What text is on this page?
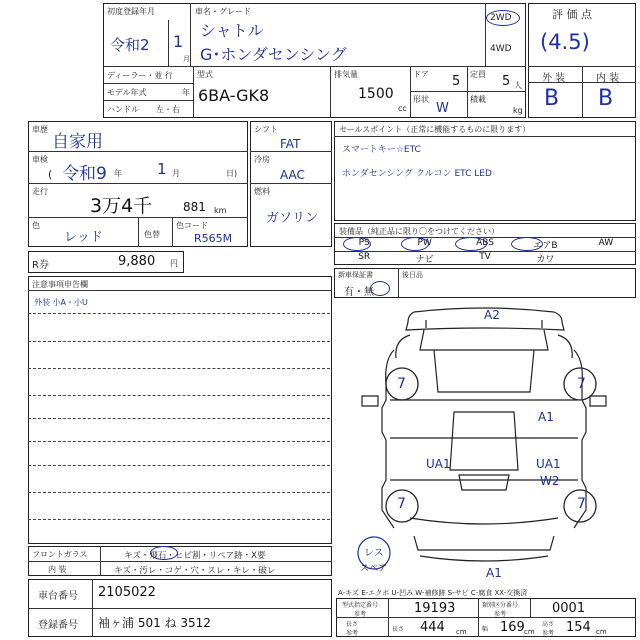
初度登録年月
令和2 1
月
車名・グレード
シャトル
G･ホンダセンシング
2WD
4WD
ディーラー・並 行
モデル年式	年
ハンドル 左・右
型式
6BA-GK8
排気量
1500
cc
ドア 5 定員 5 人
形状
W
積載
kg
評 価 点
(4.5)
外 装	内 装
B B
車歴
自家用
車検
( 令和9 年 1 月	日)
走行
3万4千	881 km
色
レッド	色替
色コード
R565M
R券	9,880 円
シフト
FAT
冷房
AAC
燃料
ガソリン
セールスポイント（正常に機能するものに限ります）
スマートキー☆ETC
ホンダセンシング クルコン ETC LED
装備品（純正品に限り〇をつけてください）
PS	PW	ABS	エアB	AW
SR	ナビ	TV	カワ
新車保証書
有・無
後日品
注意事項申告欄
外装 小A・小U
A2
7	7
A1
UA1	UA1
W2
7	7
A1
レス
スペア
フロントガラス	キズ・飛石・ヒビ割・リペア跡・X要
内 装	キズ・汚レ・コゲ・穴・スレ・キレ・破レ
車台番号 2105022
登録番号 袖ヶ浦 501 ね 3512
A-キズ E-エクボ U-凹み W-補修跡 S-サビ C-腐食 XX-交換済
型式指定番号
参考	19193	類別区分番号
参考	0001
長さ
参考
長さ 444 cm	幅 169 cm
高さ
参考 154 cm
